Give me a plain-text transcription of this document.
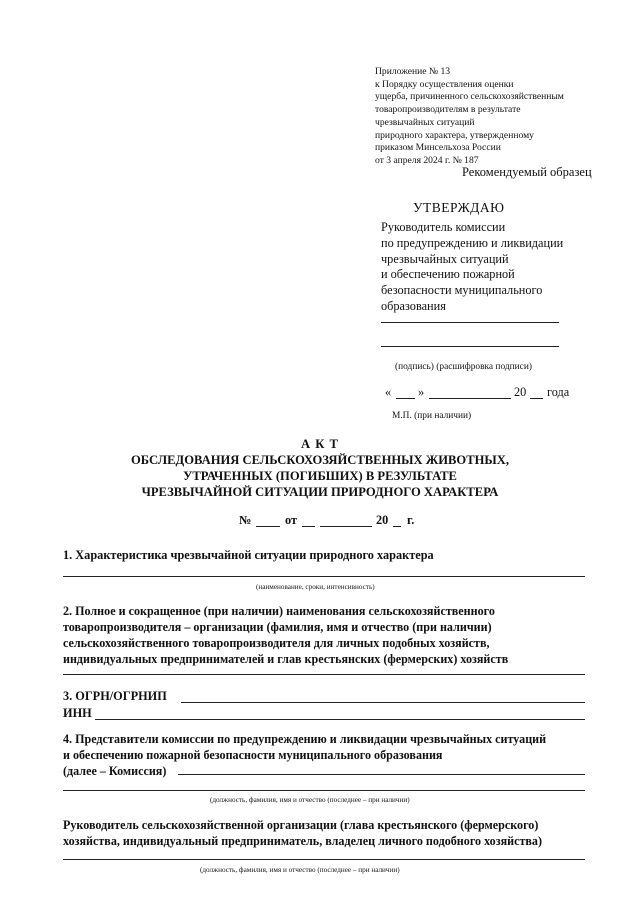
Приложение № 13
к Порядку осуществления оценки
ущерба, причиненного сельскохозяйственным
товаропроизводителям в результате
чрезвычайных ситуаций
природного характера, утвержденному
приказом Минсельхоза России
от 3 апреля 2024 г. № 187
Рекомендуемый образец
УТВЕРЖДАЮ
Руководитель комиссии
по предупреждению и ликвидации
чрезвычайных ситуаций
и обеспечению пожарной
безопасности муниципального
образования
(подпись) (расшифровка подписи)
« »	20 года
М.П. (при наличии)
А К Т
ОБСЛЕДОВАНИЯ СЕЛЬСКОХОЗЯЙСТВЕННЫХ ЖИВОТНЫХ,
УТРАЧЕННЫХ (ПОГИБШИХ) В РЕЗУЛЬТАТЕ
ЧРЕЗВЫЧАЙНОЙ СИТУАЦИИ ПРИРОДНОГО ХАРАКТЕРА
№	от	20 г.
1. Характеристика чрезвычайной ситуации природного характера
(наименование, сроки, интенсивность)
2. Полное и сокращенное (при наличии) наименования сельскохозяйственного
товаропроизводителя – организации (фамилия, имя и отчество (при наличии)
сельскохозяйственного товаропроизводителя для личных подобных хозяйств,
индивидуальных предпринимателей и глав крестьянских (фермерских) хозяйств
3. ОГРН/ОГРНИП
ИНН
4. Представители комиссии по предупреждению и ликвидации чрезвычайных ситуаций
и обеспечению пожарной безопасности муниципального образования
(далее – Комиссия)
(должность, фамилия, имя и отчество (последнее – при наличии)
Руководитель сельскохозяйственной организации (глава крестьянского (фермерского)
хозяйства, индивидуальный предприниматель, владелец личного подобного хозяйства)
(должность, фамилия, имя и отчество (последнее – при наличии)
